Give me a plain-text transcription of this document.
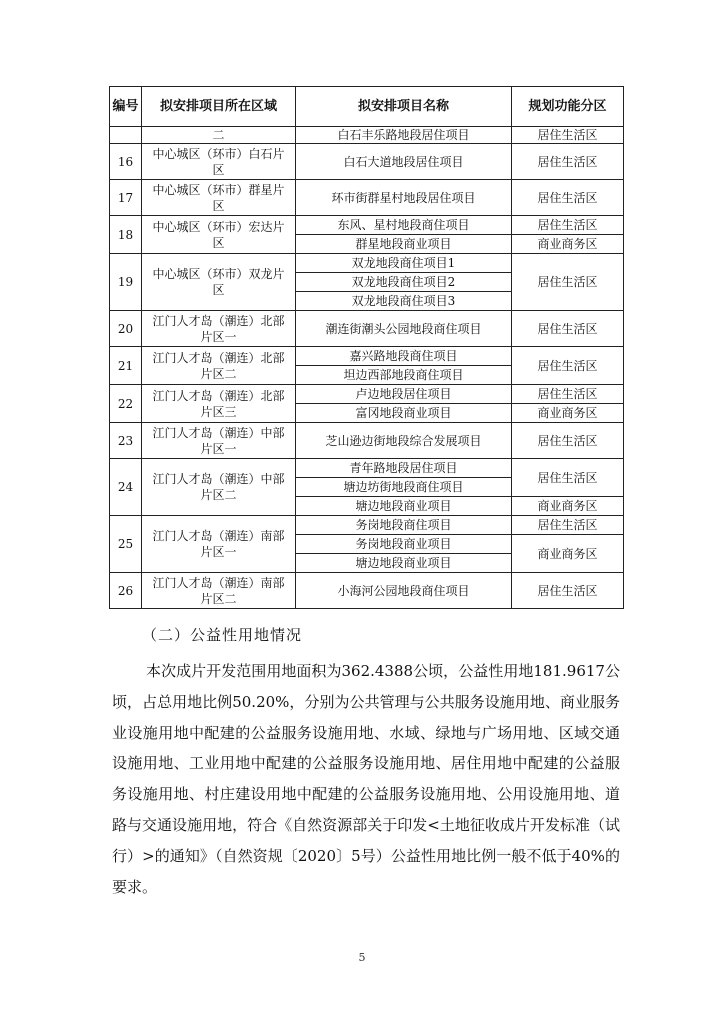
编号	拟安排项目所在区域	拟安排项目名称	规划功能分区
	二	白石丰乐路地段居住项目	居住生活区
16	中心城区（环市）白石片区	白石大道地段居住项目	居住生活区
17	中心城区（环市）群星片区	环市街群星村地段居住项目	居住生活区
18	中心城区（环市）宏达片区	东风、星村地段商住项目	居住生活区
		群星地段商业项目	商业商务区
19	中心城区（环市）双龙片区	双龙地段商住项目1	居住生活区
		双龙地段商住项目2	
		双龙地段商住项目3	
20	江门人才岛（潮连）北部片区一	潮连街潮头公园地段商住项目	居住生活区
21	江门人才岛（潮连）北部片区二	嘉兴路地段商住项目	居住生活区
		坦边西部地段商住项目	
22	江门人才岛（潮连）北部片区三	卢边地段居住项目	居住生活区
		富冈地段商业项目	商业商务区
23	江门人才岛（潮连）中部片区一	芝山逊边街地段综合发展项目	居住生活区
24	江门人才岛（潮连）中部片区二	青年路地段居住项目	居住生活区
		塘边坊街地段商住项目	
		塘边地段商业项目	商业商务区
25	江门人才岛（潮连）南部片区一	务岗地段商住项目	居住生活区
		务岗地段商业项目	商业商务区
		塘边地段商业项目	
26	江门人才岛（潮连）南部片区二	小海河公园地段商住项目	居住生活区
（二）公益性用地情况
本次成片开发范围用地面积为362.4388公顷，公益性用地181.9617公顷，占总用地比例50.20%，分别为公共管理与公共服务设施用地、商业服务业设施用地中配建的公益服务设施用地、水域、绿地与广场用地、区域交通设施用地、工业用地中配建的公益服务设施用地、居住用地中配建的公益服务设施用地、村庄建设用地中配建的公益服务设施用地、公用设施用地、道路与交通设施用地，符合《自然资源部关于印发<土地征收成片开发标准（试行）>的通知》（自然资规〔2020〕5号）公益性用地比例一般不低于40%的要求。
5
